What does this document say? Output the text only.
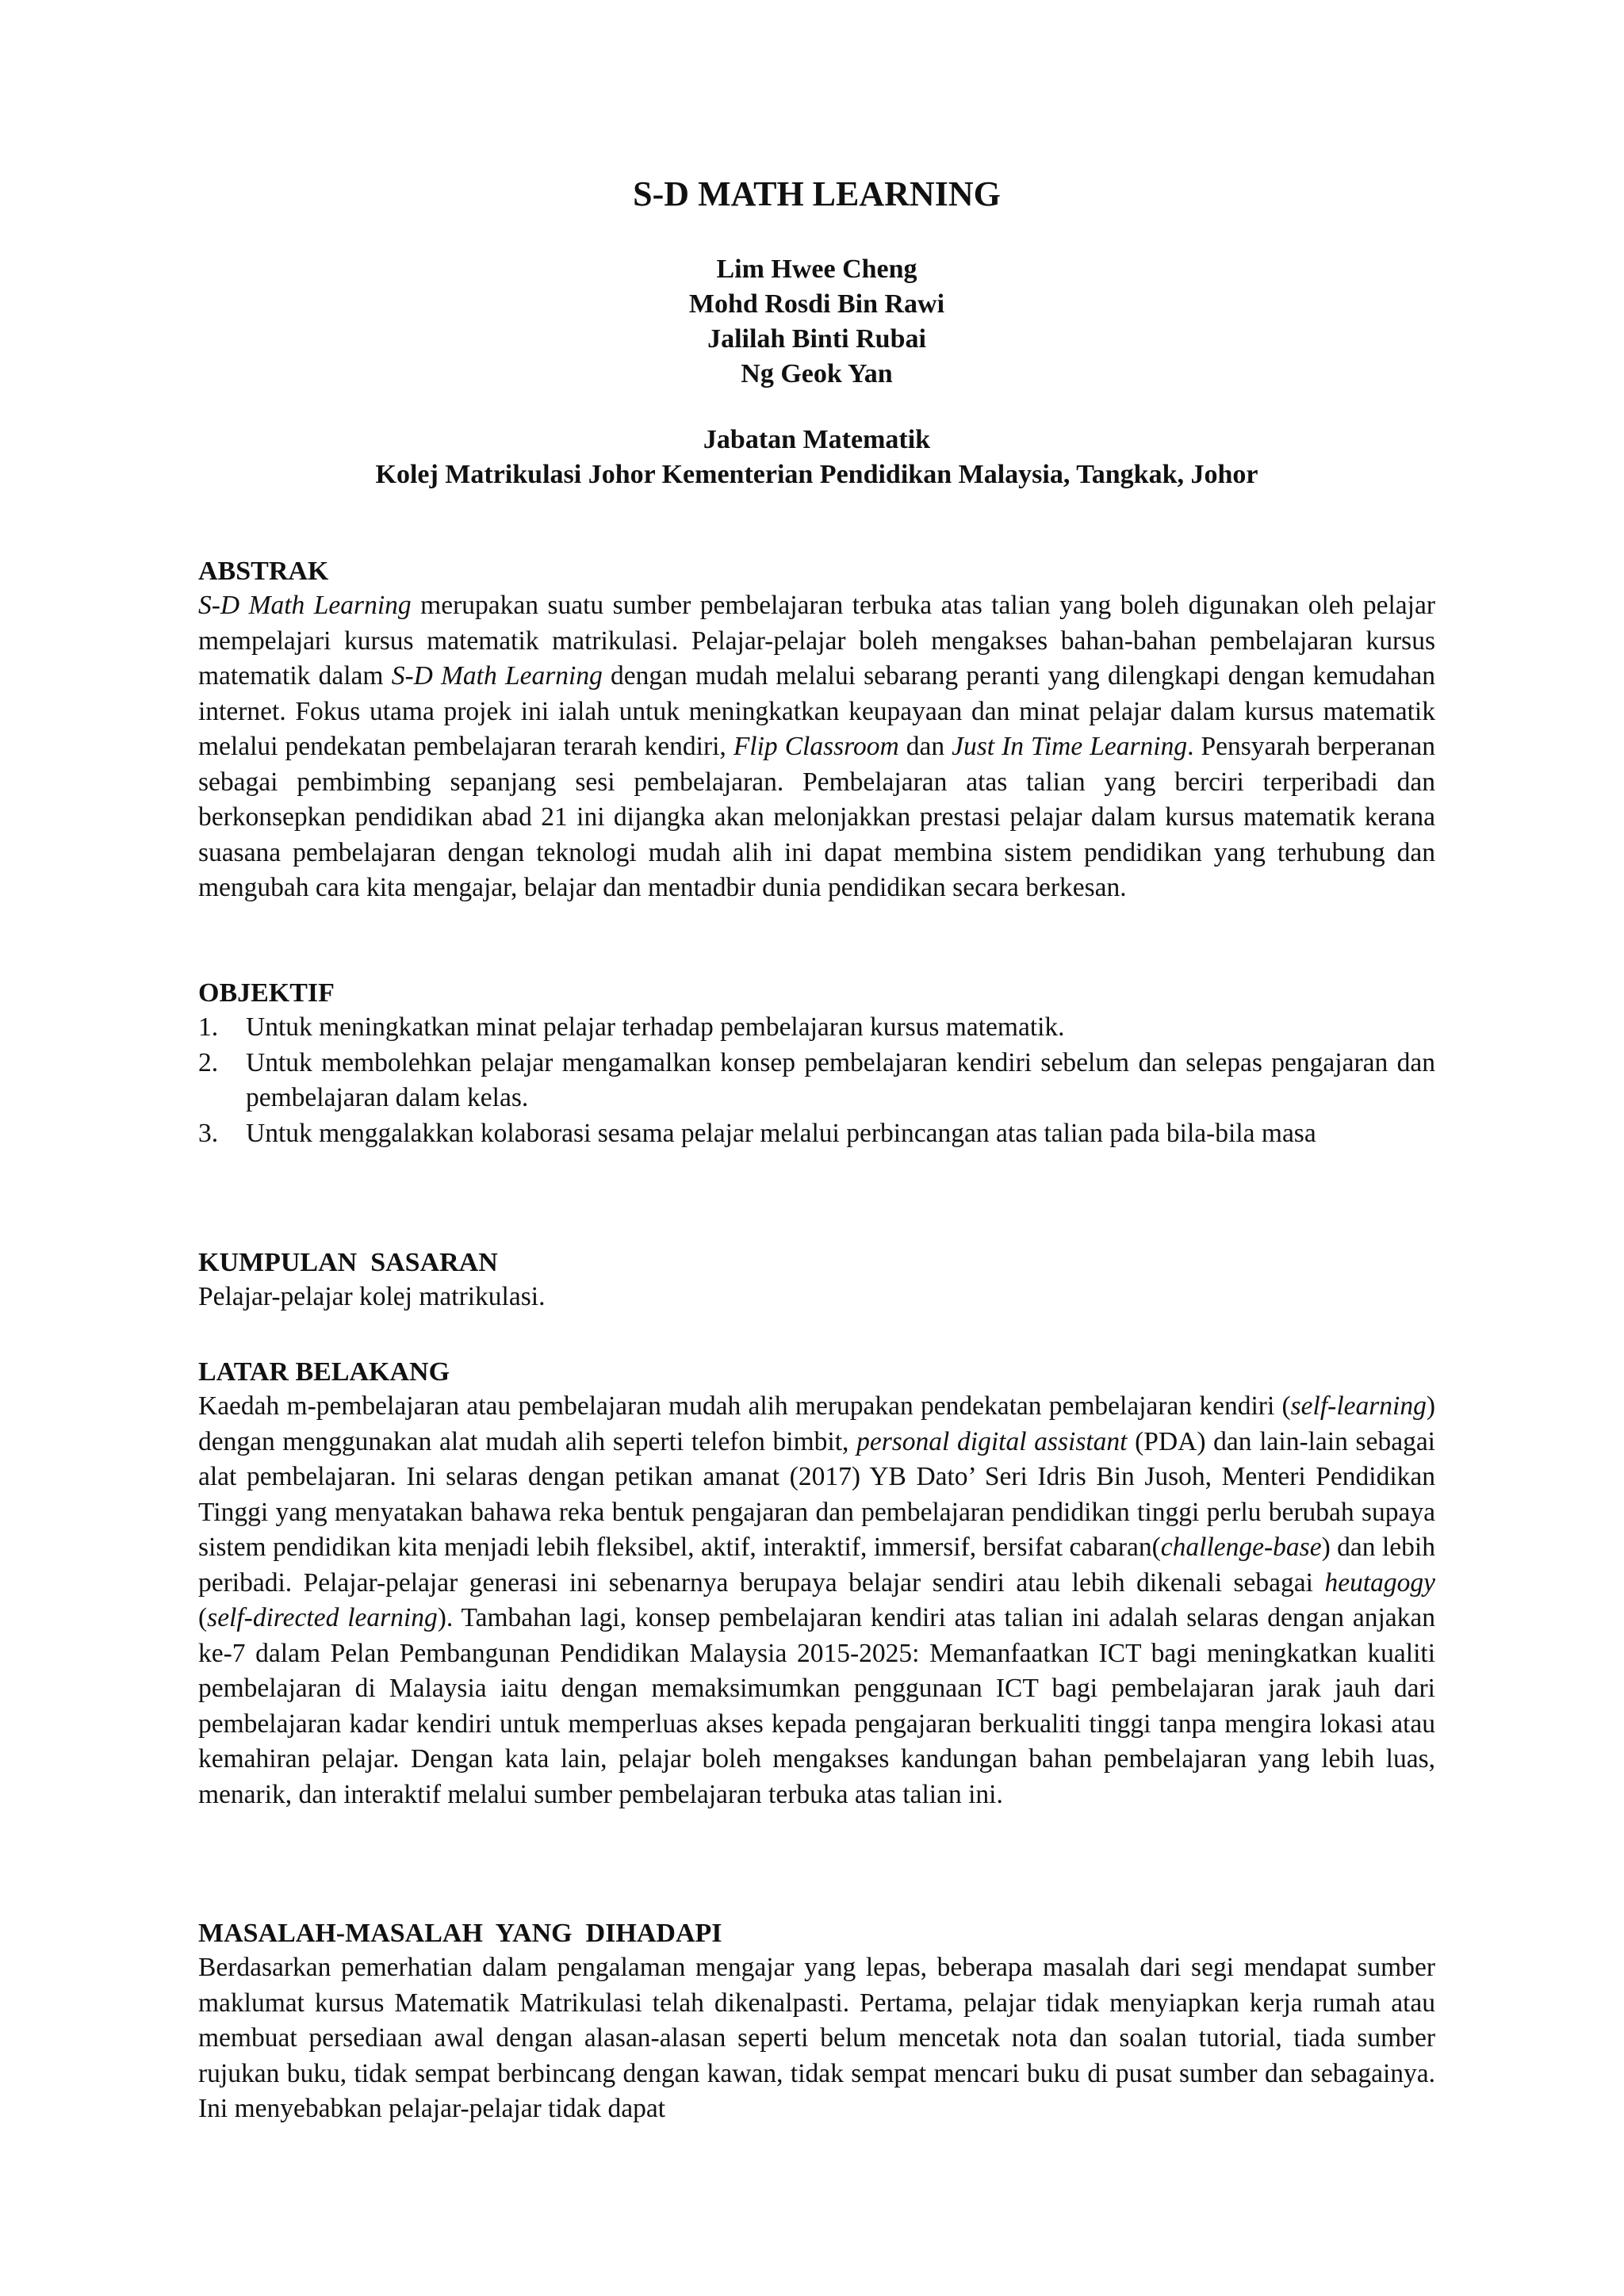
S-D MATH LEARNING
Lim Hwee Cheng
Mohd Rosdi Bin Rawi
Jalilah Binti Rubai
Ng Geok Yan
Jabatan Matematik
Kolej Matrikulasi Johor Kementerian Pendidikan Malaysia, Tangkak, Johor
ABSTRAK

S-D Math Learning merupakan suatu sumber pembelajaran terbuka atas talian yang boleh digunakan oleh pelajar mempelajari kursus matematik matrikulasi. Pelajar-pelajar boleh mengakses bahan-bahan pembelajaran kursus matematik dalam S-D Math Learning dengan mudah melalui sebarang peranti yang dilengkapi dengan kemudahan internet. Fokus utama projek ini ialah untuk meningkatkan keupayaan dan minat pelajar dalam kursus matematik melalui pendekatan pembelajaran terarah kendiri, Flip Classroom dan Just In Time Learning. Pensyarah berperanan sebagai pembimbing sepanjang sesi pembelajaran. Pembelajaran atas talian yang berciri terperibadi dan berkonsepkan pendidikan abad 21 ini dijangka akan melonjakkan prestasi pelajar dalam kursus matematik kerana suasana pembelajaran dengan teknologi mudah alih ini dapat membina sistem pendidikan yang terhubung dan mengubah cara kita mengajar, belajar dan mentadbir dunia pendidikan secara berkesan.

OBJEKTIF
1. Untuk meningkatkan minat pelajar terhadap pembelajaran kursus matematik.
2. Untuk membolehkan pelajar mengamalkan konsep pembelajaran kendiri sebelum dan selepas pengajaran dan pembelajaran dalam kelas.
3. Untuk menggalakkan kolaborasi sesama pelajar melalui perbincangan atas talian pada bila-bila masa
KUMPULAN  SASARAN

Pelajar-pelajar kolej matrikulasi.

LATAR BELAKANG

Kaedah m-pembelajaran atau pembelajaran mudah alih merupakan pendekatan pembelajaran kendiri (self-learning) dengan menggunakan alat mudah alih seperti telefon bimbit, personal digital assistant (PDA) dan lain-lain sebagai alat pembelajaran. Ini selaras dengan petikan amanat (2017) YB Dato’ Seri Idris Bin Jusoh, Menteri Pendidikan Tinggi yang menyatakan bahawa reka bentuk pengajaran dan pembelajaran pendidikan tinggi perlu berubah supaya sistem pendidikan kita menjadi lebih fleksibel, aktif, interaktif, immersif, bersifat cabaran(challenge-base) dan lebih peribadi. Pelajar-pelajar generasi ini sebenarnya berupaya belajar sendiri atau lebih dikenali sebagai heutagogy (self-directed learning). Tambahan lagi, konsep pembelajaran kendiri atas talian ini adalah selaras dengan anjakan ke-7 dalam Pelan Pembangunan Pendidikan Malaysia 2015-2025: Memanfaatkan ICT bagi meningkatkan kualiti pembelajaran di Malaysia iaitu dengan memaksimumkan penggunaan ICT bagi pembelajaran jarak jauh dari pembelajaran kadar kendiri untuk memperluas akses kepada pengajaran berkualiti tinggi tanpa mengira lokasi atau kemahiran pelajar. Dengan kata lain, pelajar boleh mengakses kandungan bahan pembelajaran yang lebih luas, menarik, dan interaktif melalui sumber pembelajaran terbuka atas talian ini.

MASALAH-MASALAH  YANG  DIHADAPI

Berdasarkan pemerhatian dalam pengalaman mengajar yang lepas, beberapa masalah dari segi mendapat sumber maklumat kursus Matematik Matrikulasi telah dikenalpasti. Pertama, pelajar tidak menyiapkan kerja rumah atau membuat persediaan awal dengan alasan-alasan seperti belum mencetak nota dan soalan tutorial, tiada sumber rujukan buku, tidak sempat berbincang dengan kawan, tidak sempat mencari buku di pusat sumber dan sebagainya. Ini menyebabkan pelajar-pelajar tidak dapat
